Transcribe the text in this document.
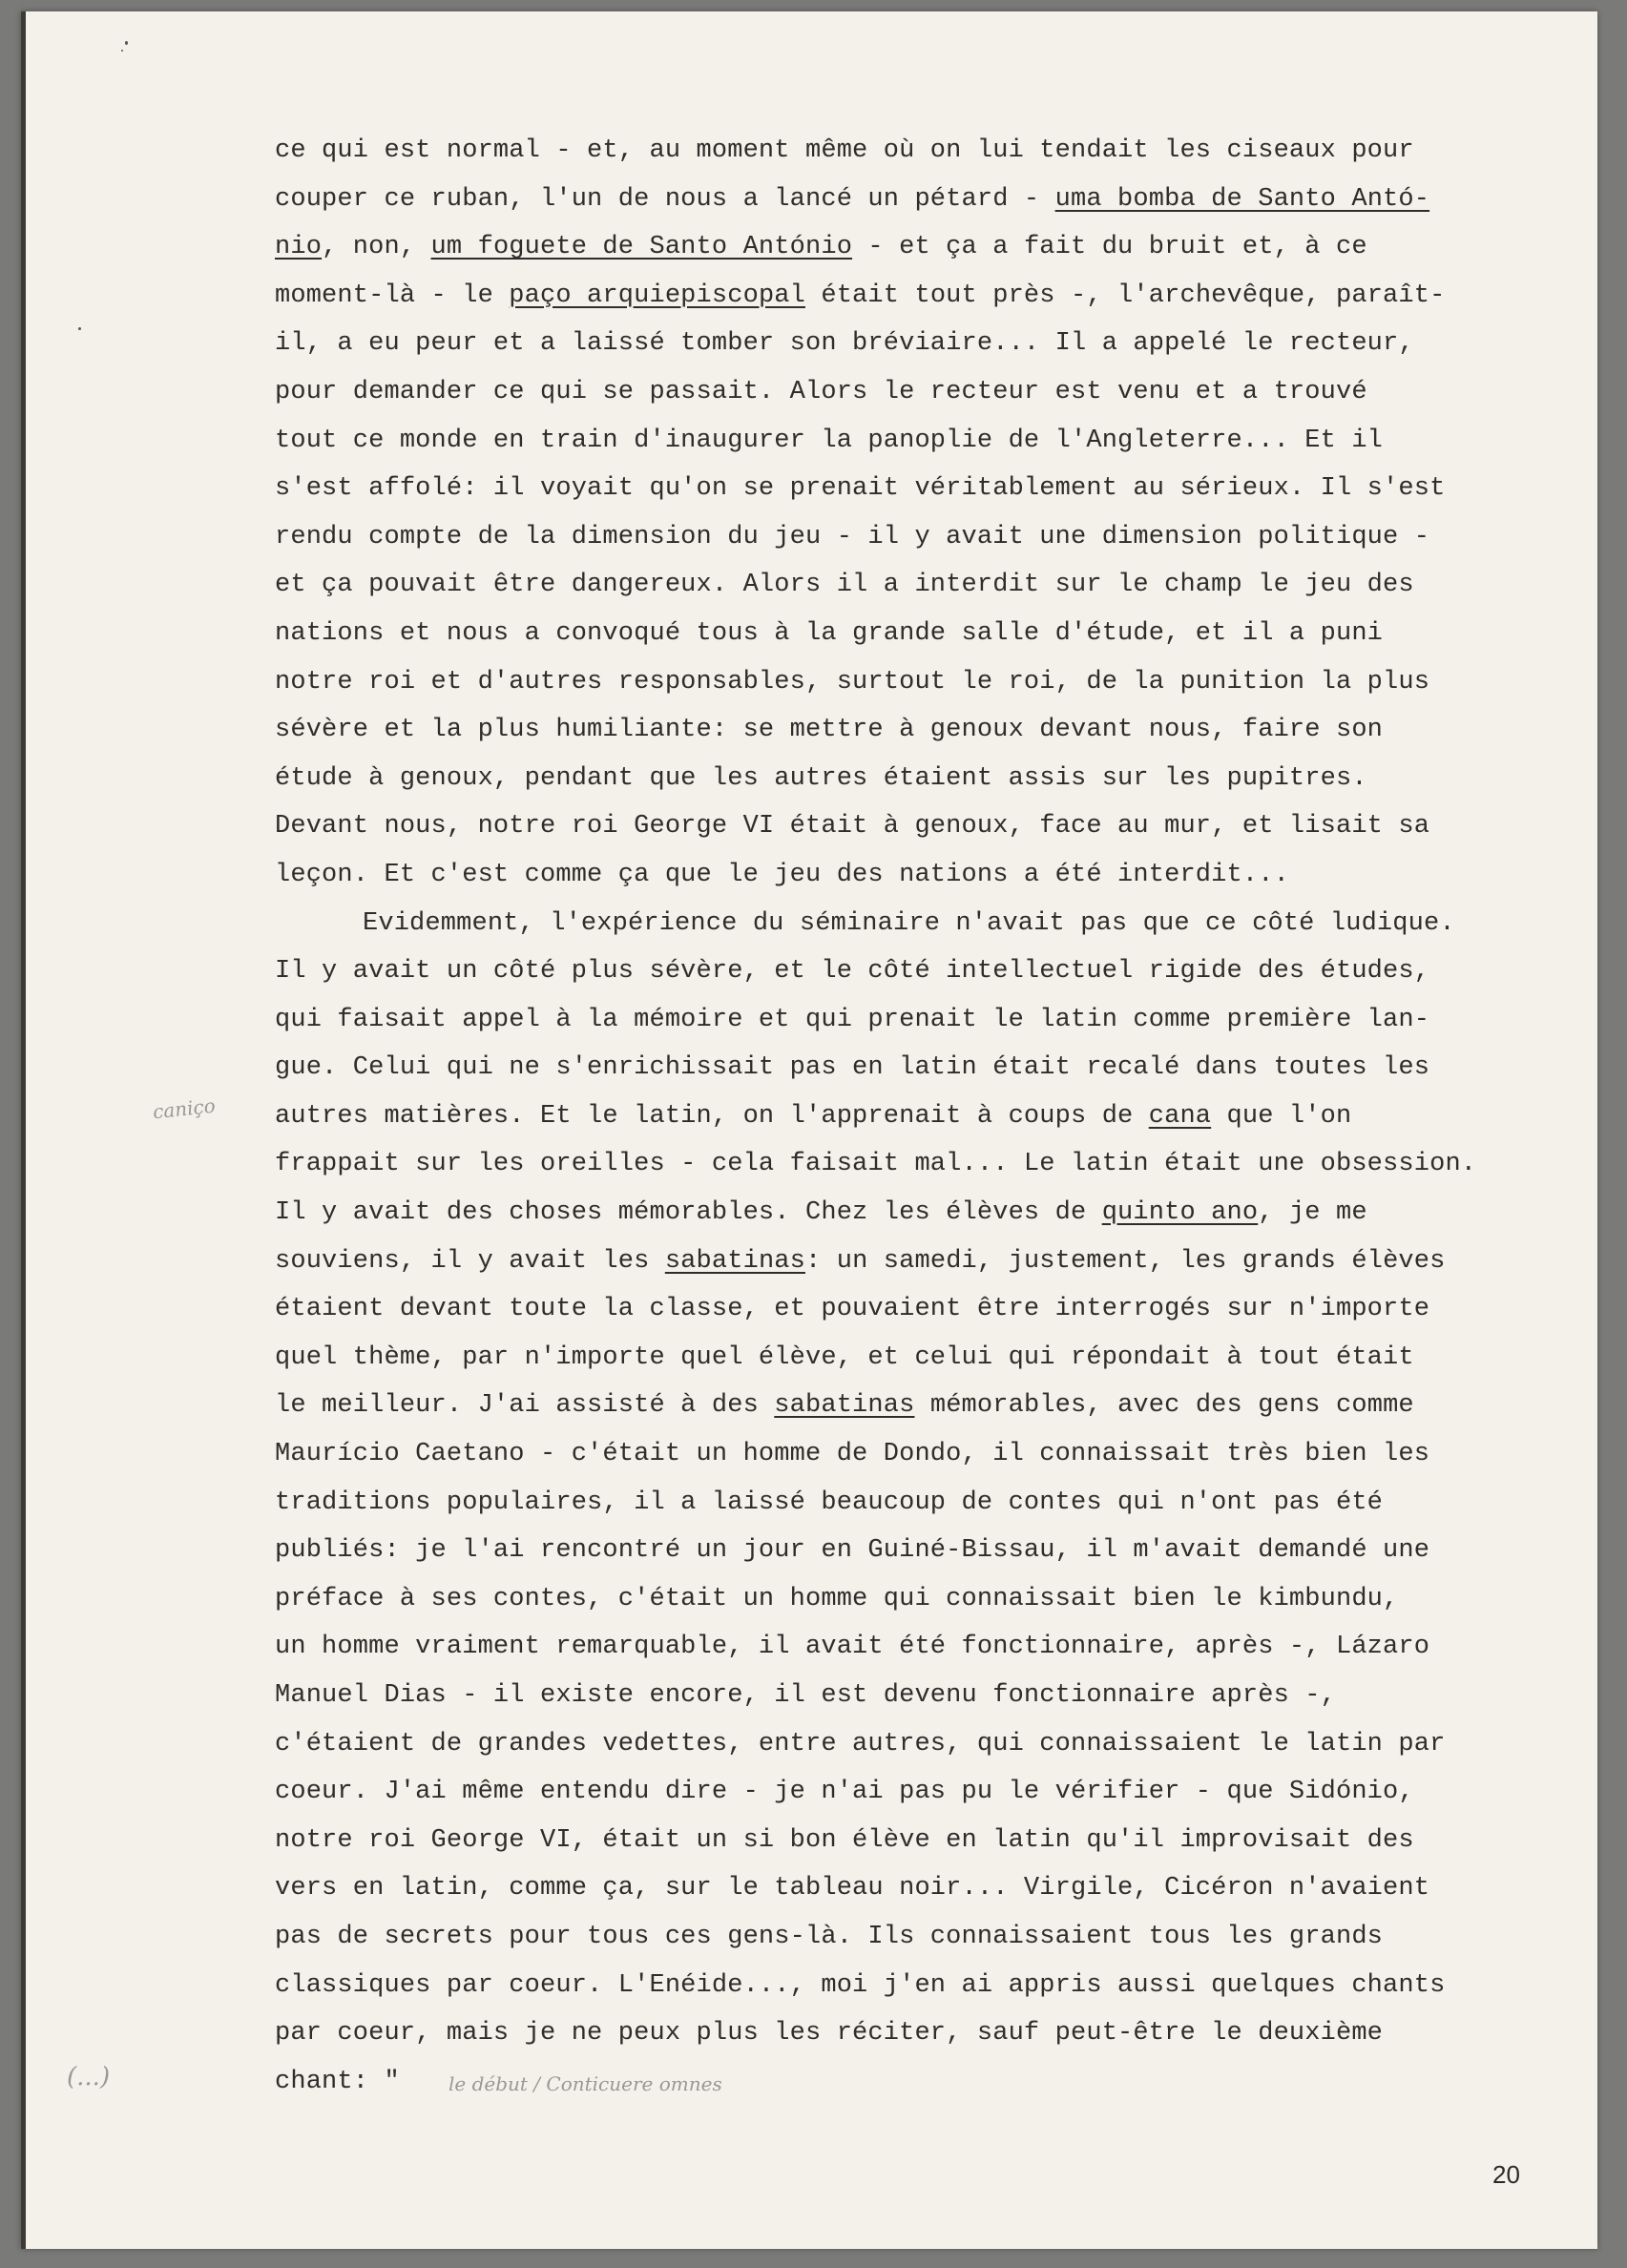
ce qui est normal - et, au moment même où on lui tendait les ciseaux pour
couper ce ruban, l'un de nous a lancé un pétard - uma bomba de Santo Antó-
nio, non, um foguete de Santo António - et ça a fait du bruit et, à ce
moment-là - le paço arquiepiscopal était tout près -, l'archevêque, paraît-
il, a eu peur et a laissé tomber son bréviaire... Il a appelé le recteur,
pour demander ce qui se passait. Alors le recteur est venu et a trouvé
tout ce monde en train d'inaugurer la panoplie de l'Angleterre... Et il
s'est affolé: il voyait qu'on se prenait véritablement au sérieux. Il s'est
rendu compte de la dimension du jeu - il y avait une dimension politique -
et ça pouvait être dangereux. Alors il a interdit sur le champ le jeu des
nations et nous a convoqué tous à la grande salle d'étude, et il a puni
notre roi et d'autres responsables, surtout le roi, de la punition la plus
sévère et la plus humiliante: se mettre à genoux devant nous, faire son
étude à genoux, pendant que les autres étaient assis sur les pupitres.
Devant nous, notre roi George VI était à genoux, face au mur, et lisait sa
leçon. Et c'est comme ça que le jeu des nations a été interdit...
Evidemment, l'expérience du séminaire n'avait pas que ce côté ludique.
Il y avait un côté plus sévère, et le côté intellectuel rigide des études,
qui faisait appel à la mémoire et qui prenait le latin comme première lan-
gue. Celui qui ne s'enrichissait pas en latin était recalé dans toutes les
autres matières. Et le latin, on l'apprenait à coups de cana que l'on
frappait sur les oreilles - cela faisait mal... Le latin était une obsession.
Il y avait des choses mémorables. Chez les élèves de quinto ano, je me
souviens, il y avait les sabatinas: un samedi, justement, les grands élèves
étaient devant toute la classe, et pouvaient être interrogés sur n'importe
quel thème, par n'importe quel élève, et celui qui répondait à tout était
le meilleur. J'ai assisté à des sabatinas mémorables, avec des gens comme
Maurício Caetano - c'était un homme de Dondo, il connaissait très bien les
traditions populaires, il a laissé beaucoup de contes qui n'ont pas été
publiés: je l'ai rencontré un jour en Guiné-Bissau, il m'avait demandé une
préface à ses contes, c'était un homme qui connaissait bien le kimbundu,
un homme vraiment remarquable, il avait été fonctionnaire, après -, Lázaro
Manuel Dias - il existe encore, il est devenu fonctionnaire après -,
c'étaient de grandes vedettes, entre autres, qui connaissaient le latin par
coeur. J'ai même entendu dire - je n'ai pas pu le vérifier - que Sidónio,
notre roi George VI, était un si bon élève en latin qu'il improvisait des
vers en latin, comme ça, sur le tableau noir... Virgile, Cicéron n'avaient
pas de secrets pour tous ces gens-là. Ils connaissaient tous les grands
classiques par coeur. L'Enéide..., moi j'en ai appris aussi quelques chants
par coeur, mais je ne peux plus les réciter, sauf peut-être le deuxième
chant: "
caniço
(...)	le début / Conticuere omnes
20
